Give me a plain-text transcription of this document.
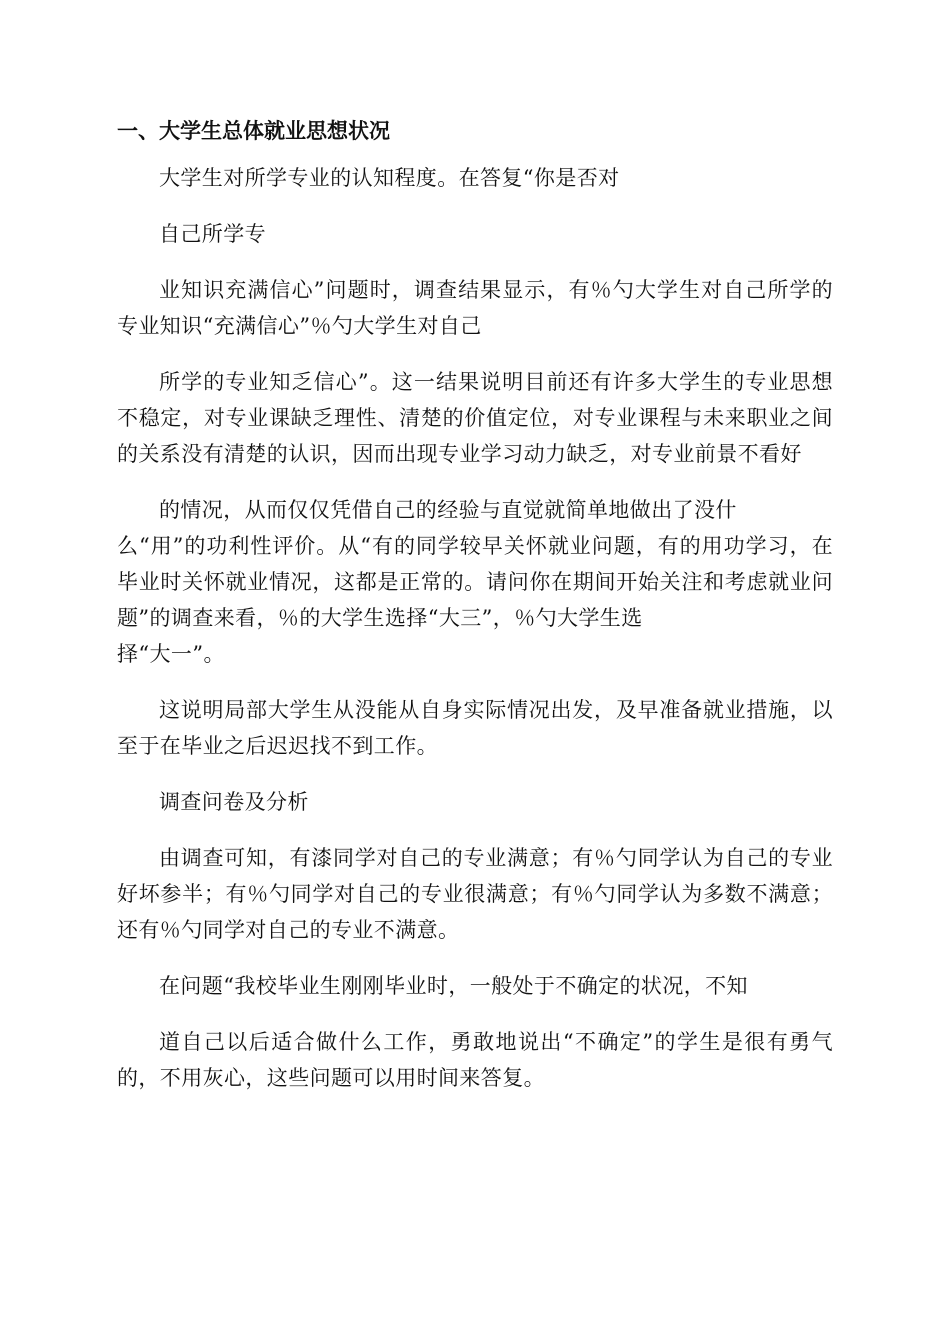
一、大学生总体就业思想状况

大学生对所学专业的认知程度。在答复“你是否对

自己所学专

业知识充满信心”问题时，调查结果显示，有％勺大学生对自己所学的专业知识“充满信心”％勺大学生对自己

所学的专业知乏信心”。这一结果说明目前还有许多大学生的专业思想不稳定，对专业课缺乏理性、清楚的价值定位，对专业课程与未来职业之间的关系没有清楚的认识，因而出现专业学习动力缺乏，对专业前景不看好

的情况，从而仅仅凭借自己的经验与直觉就简单地做出了没什

么“用”的功利性评价。从“有的同学较早关怀就业问题，有的用功学习，在毕业时关怀就业情况，这都是正常的。请问你在期间开始关注和考虑就业问题”的调查来看，％的大学生选择“大三”，％勺大学生选

择“大一”。

这说明局部大学生从没能从自身实际情况出发，及早准备就业措施，以至于在毕业之后迟迟找不到工作。

调查问卷及分析

由调查可知，有漆同学对自己的专业满意；有％勺同学认为自己的专业好坏参半；有％勺同学对自己的专业很满意；有％勺同学认为多数不满意；还有％勺同学对自己的专业不满意。

在问题“我校毕业生刚刚毕业时，一般处于不确定的状况，不知

道自己以后适合做什么工作，勇敢地说出“不确定”的学生是很有勇气的，不用灰心，这些问题可以用时间来答复。
